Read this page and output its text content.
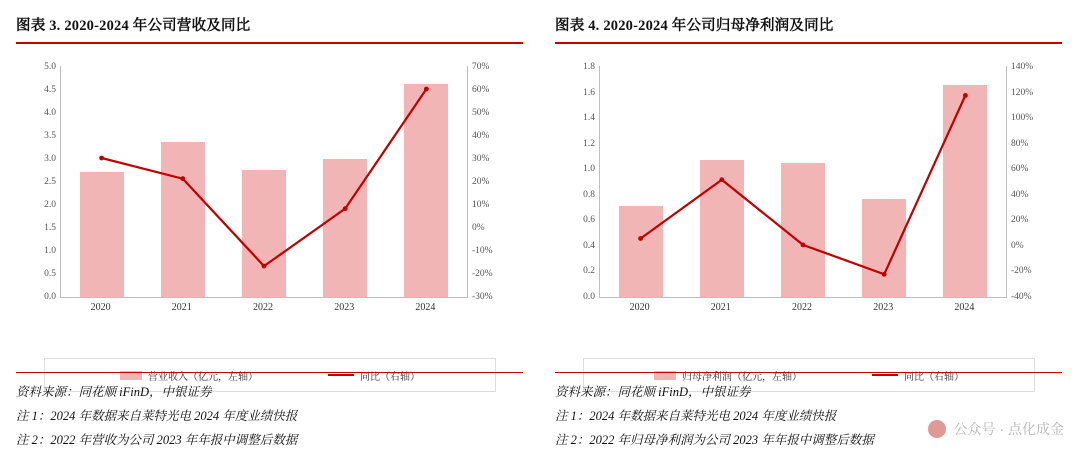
图表 3. 2020-2024 年公司营收及同比
0.0
0.5
1.0
1.5
2.0
2.5
3.0
3.5
4.0
4.5
5.0
-30%
-20%
-10%
0%
10%
20%
30%
40%
50%
60%
70%
2020	2021	2022	2023	2024
营业收入（亿元，左轴）	同比（右轴）
资料来源：同花顺 iFinD，中银证券
注 1：2024 年数据来自莱特光电 2024 年度业绩快报
注 2：2022 年营收为公司 2023 年年报中调整后数据
图表 4. 2020-2024 年公司归母净利润及同比
0.0
0.2
0.4
0.6
0.8
1.0
1.2
1.4
1.6
1.8
-40%
-20%
0%
20%
40%
60%
80%
100%
120%
140%
2020	2021	2022	2023	2024
归母净利润（亿元，左轴）	同比（右轴）
资料来源：同花顺 iFinD，中银证券
注 1：2024 年数据来自莱特光电 2024 年度业绩快报
注 2：2022 年归母净利润为公司 2023 年年报中调整后数据
公众号 · 点化成金
